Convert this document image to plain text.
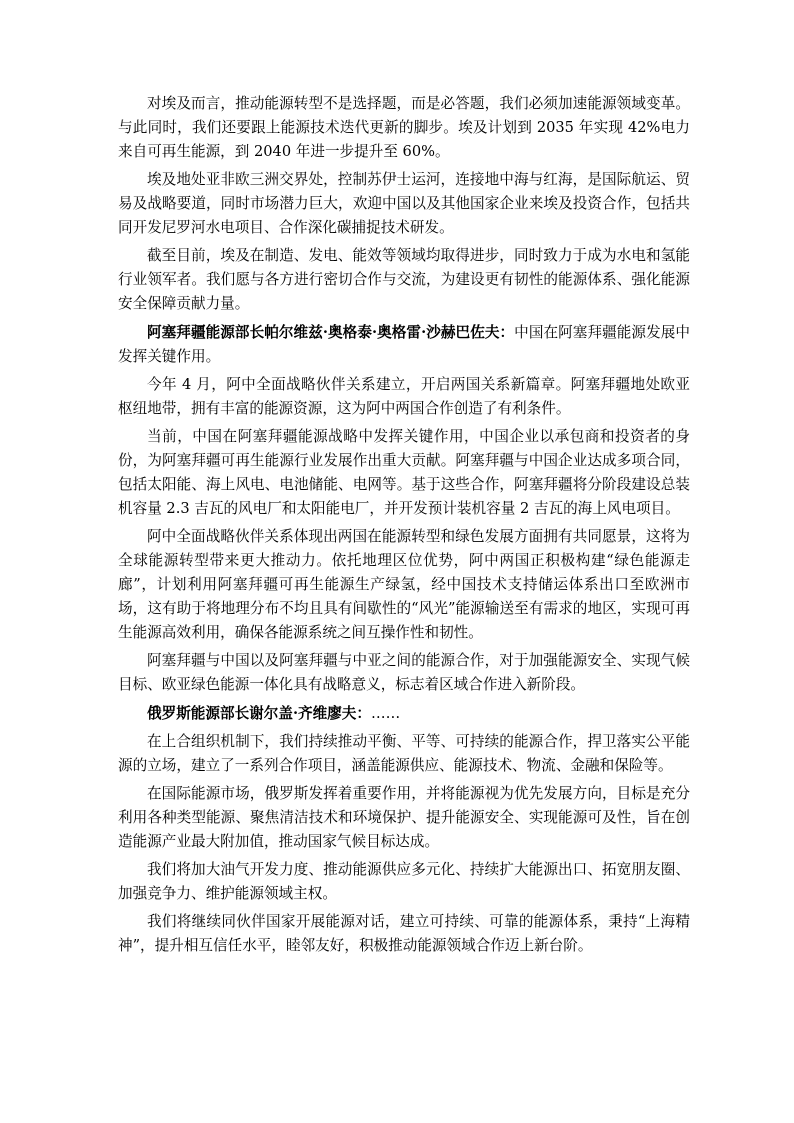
对埃及而言，推动能源转型不是选择题，而是必答题，我们必须加速能源领域变革。与此同时，我们还要跟上能源技术迭代更新的脚步。埃及计划到 2035 年实现 42%电力来自可再生能源，到 2040 年进一步提升至 60%。

埃及地处亚非欧三洲交界处，控制苏伊士运河，连接地中海与红海，是国际航运、贸易及战略要道，同时市场潜力巨大，欢迎中国以及其他国家企业来埃及投资合作，包括共同开发尼罗河水电项目、合作深化碳捕捉技术研发。

截至目前，埃及在制造、发电、能效等领域均取得进步，同时致力于成为水电和氢能行业领军者。我们愿与各方进行密切合作与交流，为建设更有韧性的能源体系、强化能源安全保障贡献力量。

阿塞拜疆能源部长帕尔维兹·奥格泰·奥格雷·沙赫巴佐夫：中国在阿塞拜疆能源发展中发挥关键作用。

今年 4 月，阿中全面战略伙伴关系建立，开启两国关系新篇章。阿塞拜疆地处欧亚枢纽地带，拥有丰富的能源资源，这为阿中两国合作创造了有利条件。

当前，中国在阿塞拜疆能源战略中发挥关键作用，中国企业以承包商和投资者的身份，为阿塞拜疆可再生能源行业发展作出重大贡献。阿塞拜疆与中国企业达成多项合同，包括太阳能、海上风电、电池储能、电网等。基于这些合作，阿塞拜疆将分阶段建设总装机容量 2.3 吉瓦的风电厂和太阳能电厂，并开发预计装机容量 2 吉瓦的海上风电项目。

阿中全面战略伙伴关系体现出两国在能源转型和绿色发展方面拥有共同愿景，这将为全球能源转型带来更大推动力。依托地理区位优势，阿中两国正积极构建“绿色能源走廊”，计划利用阿塞拜疆可再生能源生产绿氢，经中国技术支持储运体系出口至欧洲市场，这有助于将地理分布不均且具有间歇性的“风光”能源输送至有需求的地区，实现可再生能源高效利用，确保各能源系统之间互操作性和韧性。

阿塞拜疆与中国以及阿塞拜疆与中亚之间的能源合作，对于加强能源安全、实现气候目标、欧亚绿色能源一体化具有战略意义，标志着区域合作进入新阶段。

俄罗斯能源部长谢尔盖·齐维廖夫：……

在上合组织机制下，我们持续推动平衡、平等、可持续的能源合作，捍卫落实公平能源的立场，建立了一系列合作项目，涵盖能源供应、能源技术、物流、金融和保险等。

在国际能源市场，俄罗斯发挥着重要作用，并将能源视为优先发展方向，目标是充分利用各种类型能源、聚焦清洁技术和环境保护、提升能源安全、实现能源可及性，旨在创造能源产业最大附加值，推动国家气候目标达成。

我们将加大油气开发力度、推动能源供应多元化、持续扩大能源出口、拓宽朋友圈、加强竞争力、维护能源领域主权。

我们将继续同伙伴国家开展能源对话，建立可持续、可靠的能源体系，秉持“上海精神”，提升相互信任水平，睦邻友好，积极推动能源领域合作迈上新台阶。
